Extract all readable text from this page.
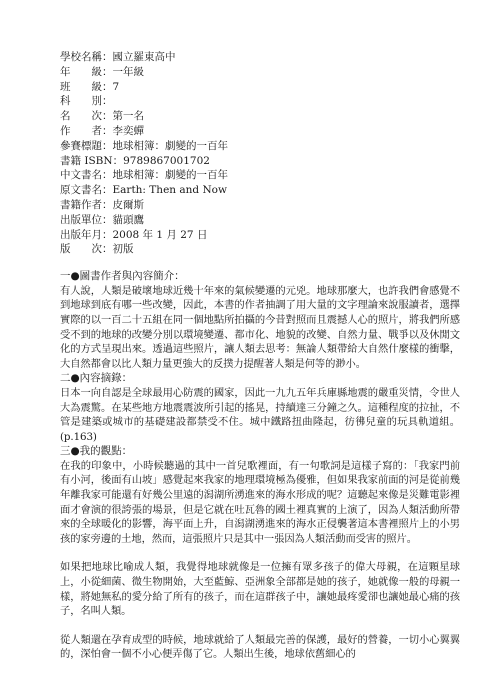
學校名稱：國立羅東高中
年　　級：一年級
班　　級：7
科　　別：
名　　次：第一名
作　　者：李奕蟬
參賽標題：地球相簿：劇變的一百年
書籍 ISBN：9789867001702
中文書名：地球相簿：劇變的一百年
原文書名：Earth: Then and Now
書籍作者：皮爾斯
出版單位：貓頭鷹
出版年月：2008 年 1 月 27 日
版　　次：初版
一●圖書作者與內容簡介：
有人說，人類是破壞地球近幾十年來的氣候變遷的元兇。地球那麼大，也許我們會感覺不到地球到底有哪一些改變，因此，本書的作者抽調了用大量的文字理論來說服讀者，選擇實際的以一百二十五組在同一個地點所拍攝的今昔對照而且震撼人心的照片，將我們所感受不到的地球的改變分別以環境變遷、都市化、地貌的改變、自然力量、戰爭以及休閒文化的方式呈現出來。透過這些照片，讓人類去思考：無論人類帶給大自然什麼樣的衝擊，大自然都會以比人類力量更強大的反撲力提醒著人類是何等的渺小。
二●內容摘錄：
日本一向自認是全球最用心防震的國家，因此一九九五年兵庫縣地震的嚴重災情，令世人大為震驚。在某些地方地震震波所引起的搖晃，持續達三分鐘之久。這種程度的拉扯，不管是建築或城市的基礎建設都禁受不住。城中鐵路扭曲隆起，彷彿兒童的玩具軌道組。(p.163)
三●我的觀點：
在我的印象中，小時候聽過的其中一首兒歌裡面，有一句歌詞是這樣子寫的：「我家門前有小河，後面有山坡」感覺起來我家的地理環境極為優雅，但如果我家前面的河是從前幾年離我家可能還有好幾公里遠的潟湖所湧進來的海水形成的呢？這聽起來像是災難電影裡面才會演的很誇張的場景，但是它就在吐瓦魯的國土裡真實的上演了，因為人類活動所帶來的全球暖化的影響，海平面上升，自潟湖湧進來的海水正侵襲著這本書裡照片上的小男孩的家旁邊的土地，然而，這張照片只是其中一張因為人類活動而受害的照片。
如果把地球比喻成人類，我覺得地球就像是一位擁有眾多孩子的偉大母親，在這顆星球上，小從細菌、微生物開始，大至藍鯨、亞洲象全部都是她的孩子，她就像一般的母親一樣，將她無私的愛分給了所有的孩子，而在這群孩子中，讓她最疼愛卻也讓她最心痛的孩子，名叫人類。
從人類還在孕育成型的時候，地球就給了人類最完善的保護，最好的營養，一切小心翼翼的，深怕會一個不小心便弄傷了它。人類出生後，地球依舊細心的
